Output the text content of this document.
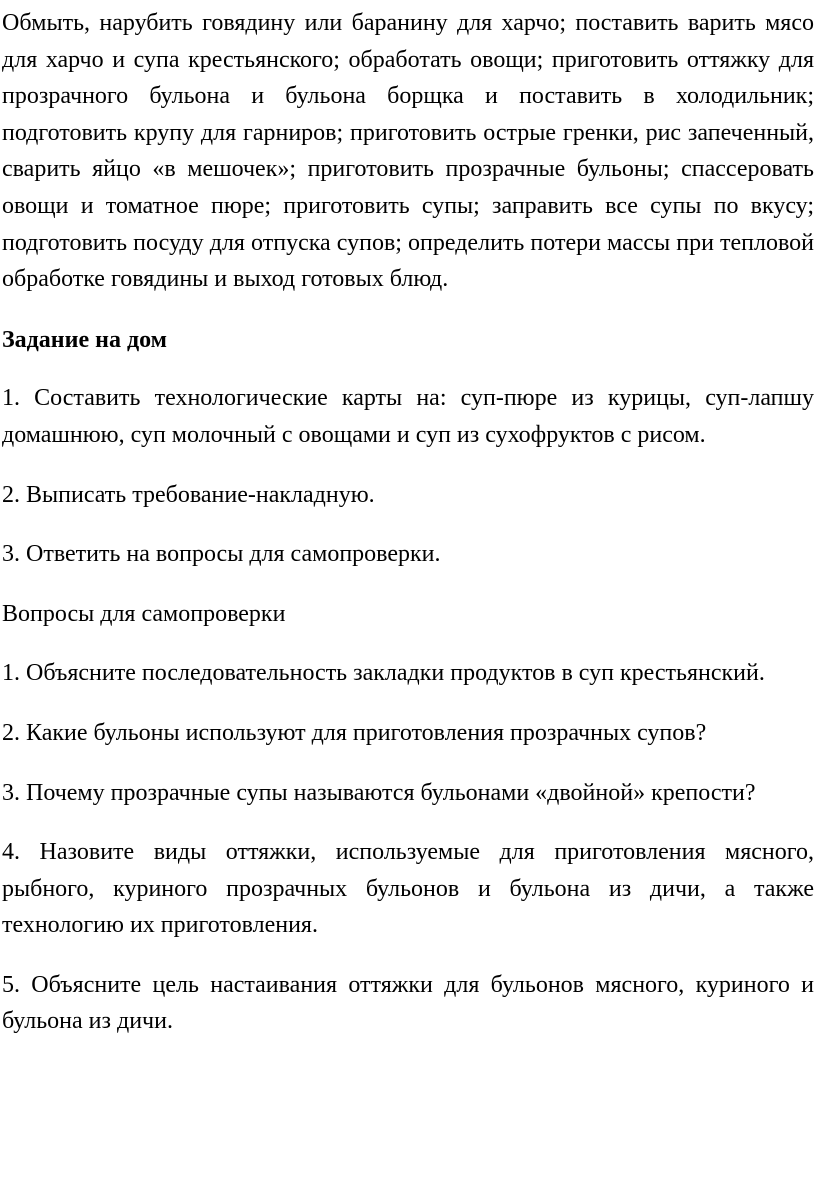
Обмыть, нарубить говядину или баранину для харчо; поставить варить мясо для харчо и супа крестьянского; обработать овощи; приготовить оттяжку для прозрачного бульона и бульона борщка и поставить в холодильник; подготовить крупу для гарниров; приготовить острые гренки, рис запеченный, сварить яйцо «в мешочек»; приготовить прозрачные бульоны; спассеровать овощи и томатное пюре; приготовить супы; заправить все супы по вкусу; подготовить посуду для отпуска супов; определить потери массы при тепловой обработке говядины и выход готовых блюд.

Задание на дом

1. Составить технологические карты на: суп-пюре из курицы, суп-лапшу домашнюю, суп молочный с овощами и суп из сухофруктов с рисом.

2. Выписать требование-накладную.

3. Ответить на вопросы для самопроверки.

Вопросы для самопроверки

1. Объясните последовательность закладки продуктов в суп крестьянский.

2. Какие бульоны используют для приготовления прозрачных супов?

3. Почему прозрачные супы называются бульонами «двойной» крепости?

4. Назовите виды оттяжки, используемые для приготовления мясного, рыбного, куриного прозрачных бульонов и бульона из дичи, а также технологию их приготовления.

5. Объясните цель настаивания оттяжки для бульонов мясного, куриного и бульона из дичи.
